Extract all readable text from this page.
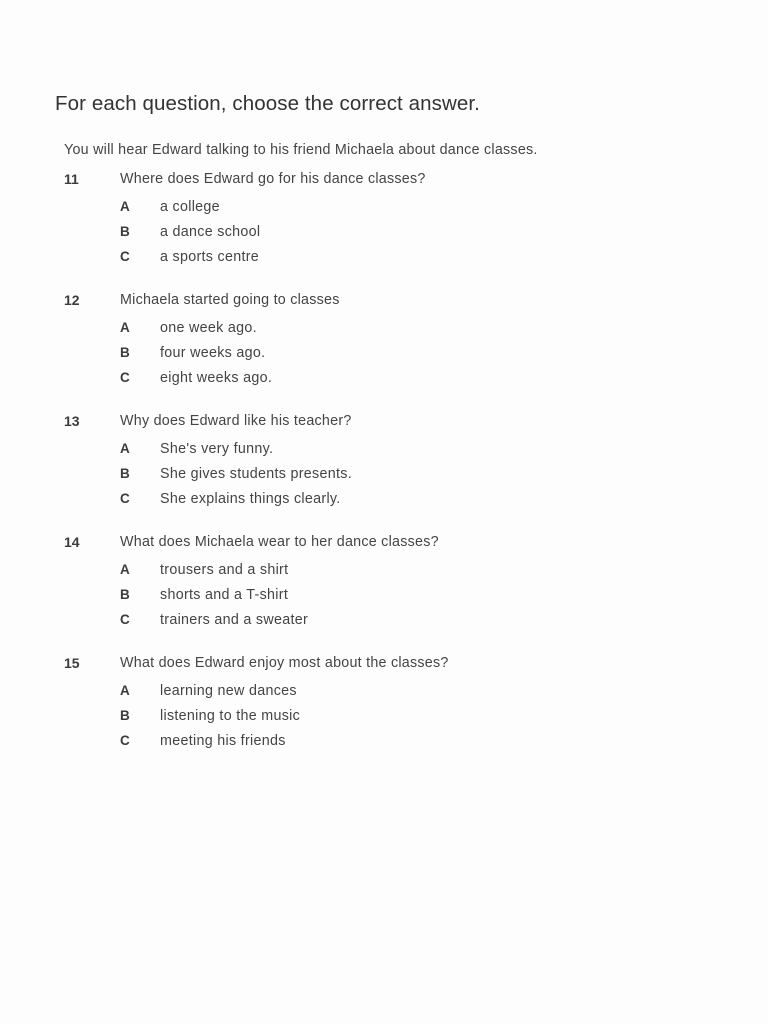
For each question, choose the correct answer.
You will hear Edward talking to his friend Michaela about dance classes.
11	Where does Edward go for his dance classes?
A a college
B a dance school
C a sports centre
12	Michaela started going to classes
A one week ago.
B four weeks ago.
C eight weeks ago.
13	Why does Edward like his teacher?
A She's very funny.
B She gives students presents.
C She explains things clearly.
14	What does Michaela wear to her dance classes?
A trousers and a shirt
B shorts and a T-shirt
C trainers and a sweater
15	What does Edward enjoy most about the classes?
A learning new dances
B listening to the music
C meeting his friends
